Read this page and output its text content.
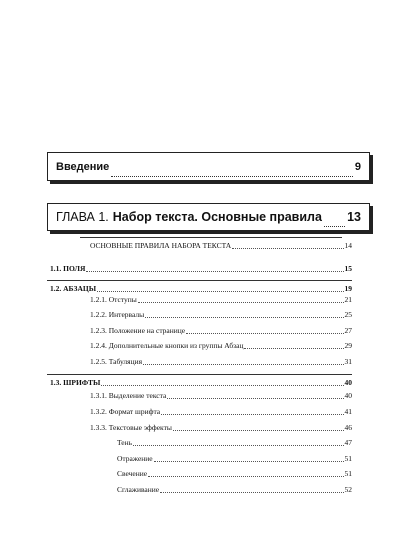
Введение	9
ГЛАВА 1. Набор текста. Основные правила 13
ОСНОВНЫЕ ПРАВИЛА НАБОРА ТЕКСТА	14
1.1. ПОЛЯ	15
1.2. АБЗАЦЫ	19
1.2.1. Отступы	21
1.2.2. Интервалы	25
1.2.3. Положение на странице	27
1.2.4. Дополнительные кнопки из группы Абзац	29
1.2.5. Табуляция	31
1.3. ШРИФТЫ	40
1.3.1. Выделение текста	40
1.3.2. Формат шрифта	41
1.3.3. Текстовые эффекты	46
Тень	47
Отражение	51
Свечение	51
Сглаживание	52
